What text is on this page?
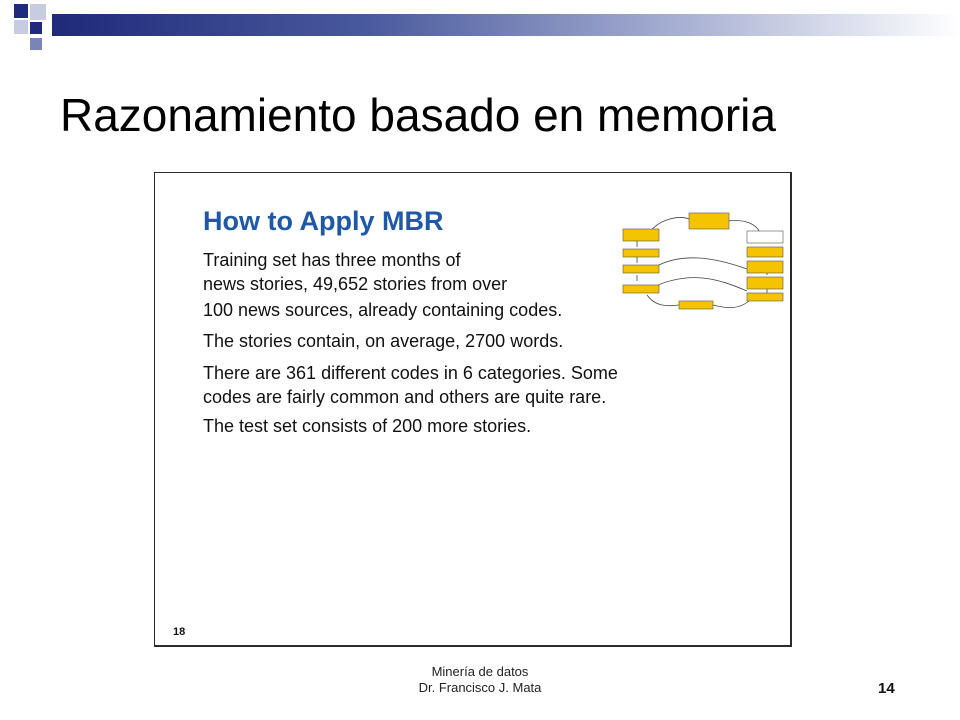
Razonamiento basado en memoria
How to Apply MBR
Training set has three months of
news stories, 49,652 stories from over
100 news sources, already containing codes.
The stories contain, on average, 2700 words.
There are 361 different codes in 6 categories. Some
codes are fairly common and others are quite rare.
The test set consists of 200 more stories.
18
Minería de datos
Dr. Francisco J. Mata	14
